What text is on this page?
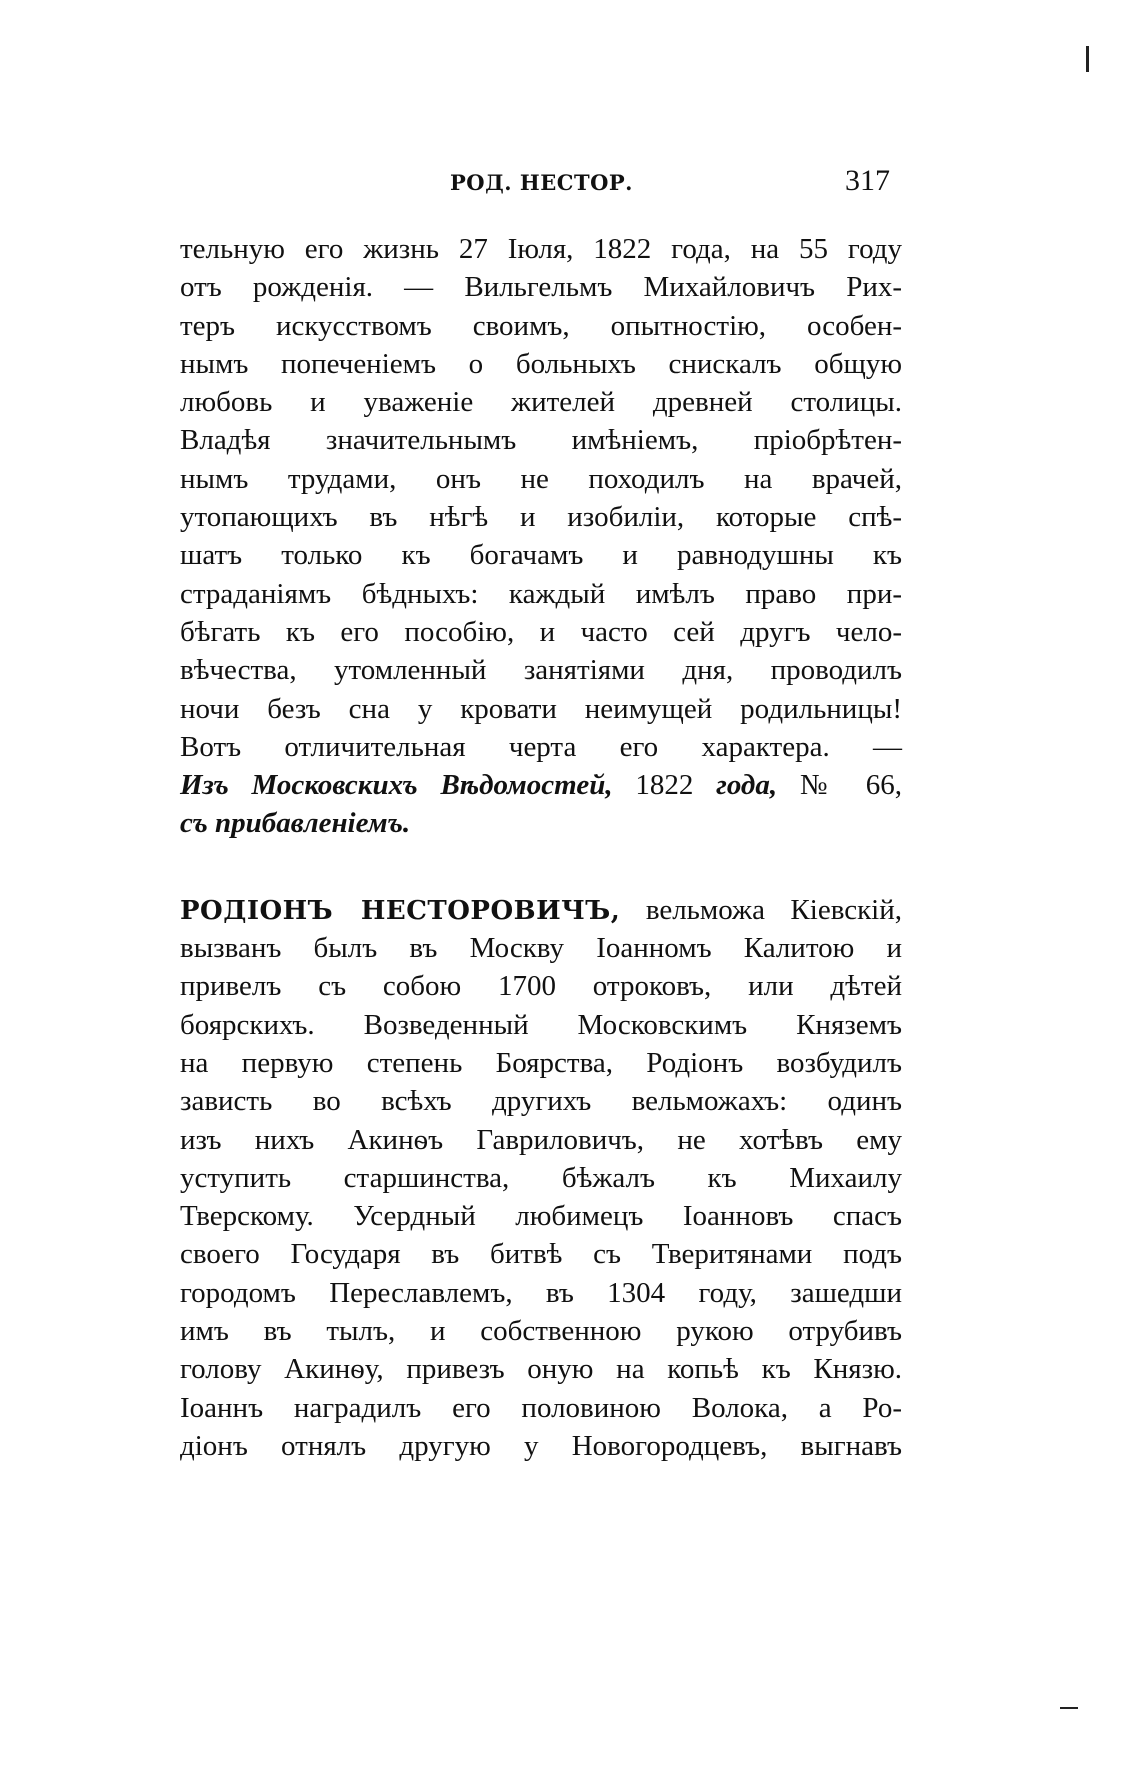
РОД. НЕСТОР.	317
тельную его жизнь 27 Іюля, 1822 года, на 55 году
отъ рожденія. — Вильгельмъ Михайловичъ Рих-
теръ искусствомъ своимъ, опытностію, особен-
нымъ попеченіемъ о больныхъ снискалъ общую
любовь и уваженіе жителей древней столицы.
Владѣя значительнымъ имѣніемъ, пріобрѣтен-
нымъ трудами, онъ не походилъ на врачей,
утопающихъ въ нѣгѣ и изобиліи, которые спѣ-
шатъ только къ богачамъ и равнодушны къ
страданіямъ бѣдныхъ: каждый имѣлъ право при-
бѣгать къ его пособію, и часто сей другъ чело-
вѣчества, утомленный занятіями дня, проводилъ
ночи безъ сна у кровати неимущей родильницы!
Вотъ отличительная черта его характера. —
Изъ Московскихъ Вѣдомостей, 1822 года, № 66,
съ прибавленіемъ.
РОДІОНЪ НЕСТОРОВИЧЪ, вельможа Кіевскій,
вызванъ былъ въ Москву Іоанномъ Калитою и
привелъ съ собою 1700 отроковъ, или дѣтей
боярскихъ. Возведенный Московскимъ Княземъ
на первую степень Боярства, Родіонъ возбудилъ
зависть во всѣхъ другихъ вельможахъ: одинъ
изъ нихъ Акинѳъ Гавриловичъ, не хотѣвъ ему
уступить старшинства, бѣжалъ къ Михаилу
Тверскому. Усердный любимецъ Іоанновъ спасъ
своего Государя въ битвѣ съ Тверитянами подъ
городомъ Переславлемъ, въ 1304 году, зашедши
имъ въ тылъ, и собственною рукою отрубивъ
голову Акинѳу, привезъ оную на копьѣ къ Князю.
Іоаннъ наградилъ его половиною Волока, а Ро-
діонъ отнялъ другую у Новогородцевъ, выгнавъ
